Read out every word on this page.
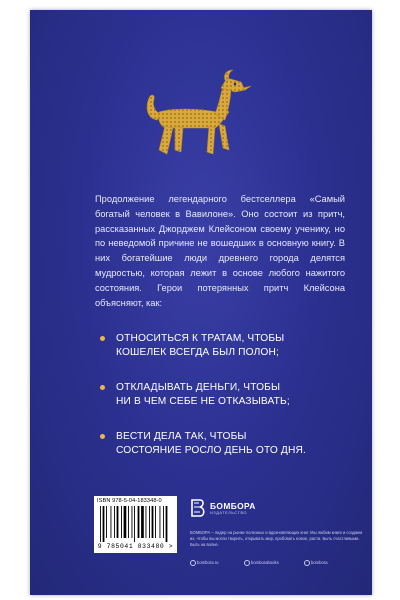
Продолжение легендарного бестселлера «Самый богатый человек в Вавилоне». Оно состоит из притч, рассказанных Джорджем Клейсоном своему ученику, но по неведомой причине не вошедших в основную книгу. В них богатейшие люди древнего города делятся мудростью, которая лежит в основе любого нажитого состояния. Герои потерянных притч Клейсона объясняют, как:

ОТНОСИТЬСЯ К ТРАТАМ, ЧТОБЫ
КОШЕЛЕК ВСЕГДА БЫЛ ПОЛОН;
ОТКЛАДЫВАТЬ ДЕНЬГИ, ЧТОБЫ
НИ В ЧЕМ СЕБЕ НЕ ОТКАЗЫВАТЬ;
ВЕСТИ ДЕЛА ТАК, ЧТОБЫ
СОСТОЯНИЕ РОСЛО ДЕНЬ ОТО ДНЯ.
ISBN 978-5-04-183348-0
9 785041 833480 >
БОМБОРА
ИЗДАТЕЛЬСТВО

БОМБОРА – лидер на рынке полезных и вдохновляющих книг. Мы любим книги и создаем их, чтобы вы могли творить, открывать мир, пробовать новое, расти. Быть счастливыми. Быть на волне.

bombora.ru	bomborabooks	bombora
